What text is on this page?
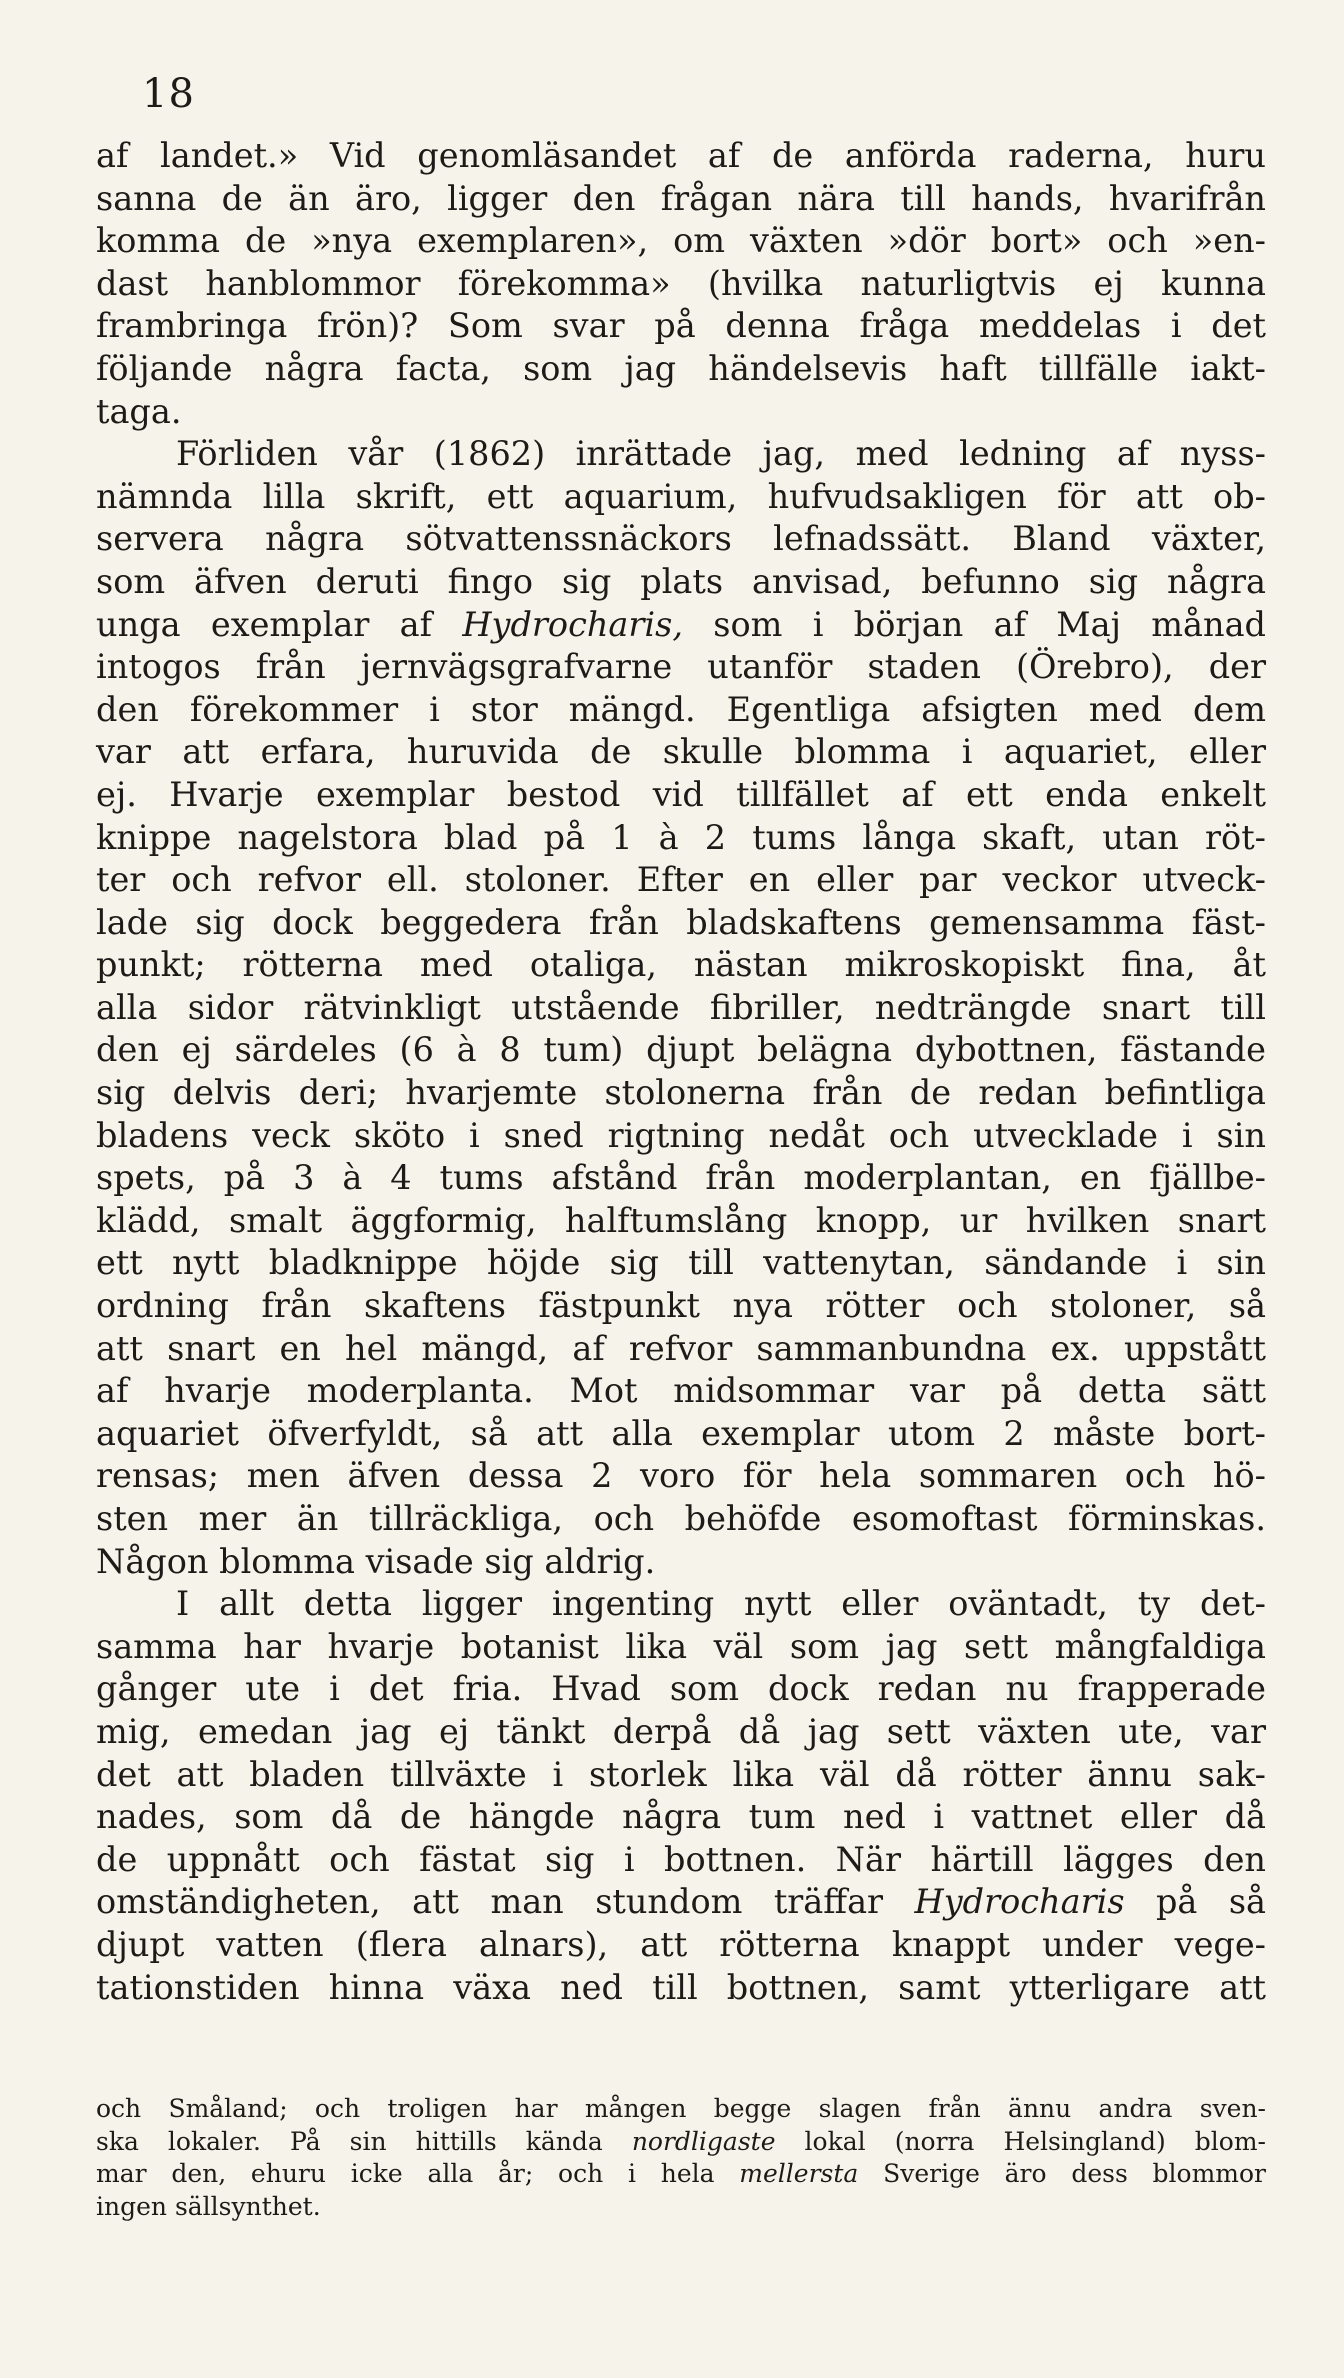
18
af landet.» Vid genomläsandet af de anförda raderna, huru
sanna de än äro, ligger den frågan nära till hands, hvarifrån
komma de »nya exemplaren», om växten »dör bort» och »en-
dast hanblommor förekomma» (hvilka naturligtvis ej kunna
frambringa frön)? Som svar på denna fråga meddelas i det
följande några facta, som jag händelsevis haft tillfälle iakt-
taga.
Förliden vår (1862) inrättade jag, med ledning af nyss-
nämnda lilla skrift, ett aquarium, hufvudsakligen för att ob-
servera några sötvattenssnäckors lefnadssätt. Bland växter,
som äfven deruti fingo sig plats anvisad, befunno sig några
unga exemplar af Hydrocharis, som i början af Maj månad
intogos från jernvägsgrafvarne utanför staden (Örebro), der
den förekommer i stor mängd. Egentliga afsigten med dem
var att erfara, huruvida de skulle blomma i aquariet, eller
ej. Hvarje exemplar bestod vid tillfället af ett enda enkelt
knippe nagelstora blad på 1 à 2 tums långa skaft, utan röt-
ter och refvor ell. stoloner. Efter en eller par veckor utveck-
lade sig dock beggedera från bladskaftens gemensamma fäst-
punkt; rötterna med otaliga, nästan mikroskopiskt fina, åt
alla sidor rätvinkligt utstående fibriller, nedträngde snart till
den ej särdeles (6 à 8 tum) djupt belägna dybottnen, fästande
sig delvis deri; hvarjemte stolonerna från de redan befintliga
bladens veck sköto i sned rigtning nedåt och utvecklade i sin
spets, på 3 à 4 tums afstånd från moderplantan, en fjällbe-
klädd, smalt äggformig, halftumslång knopp, ur hvilken snart
ett nytt bladknippe höjde sig till vattenytan, sändande i sin
ordning från skaftens fästpunkt nya rötter och stoloner, så
att snart en hel mängd, af refvor sammanbundna ex. uppstått
af hvarje moderplanta. Mot midsommar var på detta sätt
aquariet öfverfyldt, så att alla exemplar utom 2 måste bort-
rensas; men äfven dessa 2 voro för hela sommaren och hö-
sten mer än tillräckliga, och behöfde esomoftast förminskas.
Någon blomma visade sig aldrig.
I allt detta ligger ingenting nytt eller oväntadt, ty det-
samma har hvarje botanist lika väl som jag sett mångfaldiga
gånger ute i det fria. Hvad som dock redan nu frapperade
mig, emedan jag ej tänkt derpå då jag sett växten ute, var
det att bladen tillväxte i storlek lika väl då rötter ännu sak-
nades, som då de hängde några tum ned i vattnet eller då
de uppnått och fästat sig i bottnen. När härtill lägges den
omständigheten, att man stundom träffar Hydrocharis på så
djupt vatten (flera alnars), att rötterna knappt under vege-
tationstiden hinna växa ned till bottnen, samt ytterligare att
och Småland; och troligen har mången begge slagen från ännu andra sven-
ska lokaler. På sin hittills kända nordligaste lokal (norra Helsingland) blom-
mar den, ehuru icke alla år; och i hela mellersta Sverige äro dess blommor
ingen sällsynthet.
